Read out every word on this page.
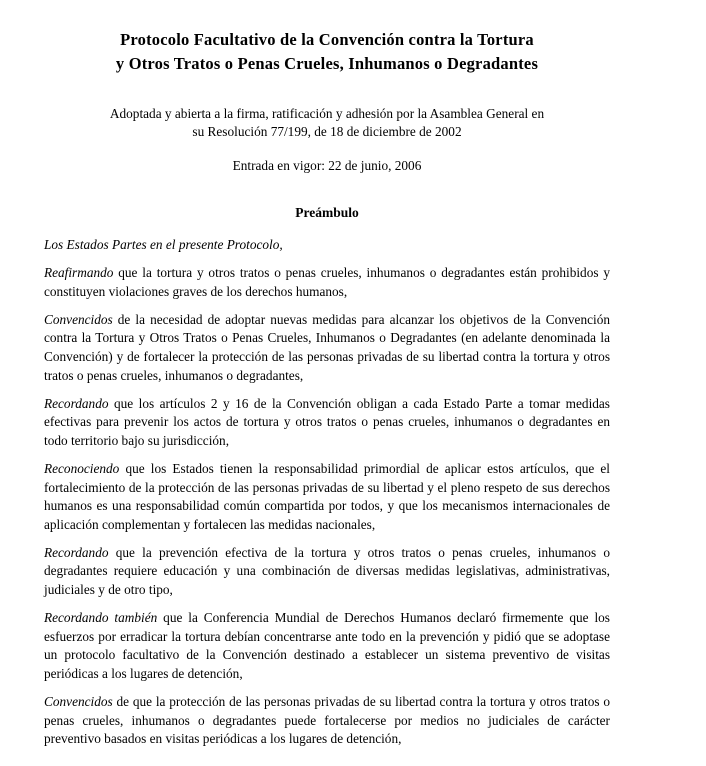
Protocolo Facultativo de la Convención contra la Tortura
y Otros Tratos o Penas Crueles, Inhumanos o Degradantes

Adoptada y abierta a la firma, ratificación y adhesión por la Asamblea General en
su Resolución 77/199, de 18 de diciembre de 2002

Entrada en vigor: 22 de junio, 2006

Preámbulo

Los Estados Partes en el presente Protocolo,

Reafirmando que la tortura y otros tratos o penas crueles, inhumanos o degradantes están prohibidos y constituyen violaciones graves de los derechos humanos,

Convencidos de la necesidad de adoptar nuevas medidas para alcanzar los objetivos de la Convención contra la Tortura y Otros Tratos o Penas Crueles, Inhumanos o Degradantes (en adelante denominada la Convención) y de fortalecer la protección de las personas privadas de su libertad contra la tortura y otros tratos o penas crueles, inhumanos o degradantes,

Recordando que los artículos 2 y 16 de la Convención obligan a cada Estado Parte a tomar medidas efectivas para prevenir los actos de tortura y otros tratos o penas crueles, inhumanos o degradantes en todo territorio bajo su jurisdicción,

Reconociendo que los Estados tienen la responsabilidad primordial de aplicar estos artículos, que el fortalecimiento de la protección de las personas privadas de su libertad y el pleno respeto de sus derechos humanos es una responsabilidad común compartida por todos, y que los mecanismos internacionales de aplicación complementan y fortalecen las medidas nacionales,

Recordando que la prevención efectiva de la tortura y otros tratos o penas crueles, inhumanos o degradantes requiere educación y una combinación de diversas medidas legislativas, administrativas, judiciales y de otro tipo,

Recordando también que la Conferencia Mundial de Derechos Humanos declaró firmemente que los esfuerzos por erradicar la tortura debían concentrarse ante todo en la prevención y pidió que se adoptase un protocolo facultativo de la Convención destinado a establecer un sistema preventivo de visitas periódicas a los lugares de detención,

Convencidos de que la protección de las personas privadas de su libertad contra la tortura y otros tratos o penas crueles, inhumanos o degradantes puede fortalecerse por medios no judiciales de carácter preventivo basados en visitas periódicas a los lugares de detención,
